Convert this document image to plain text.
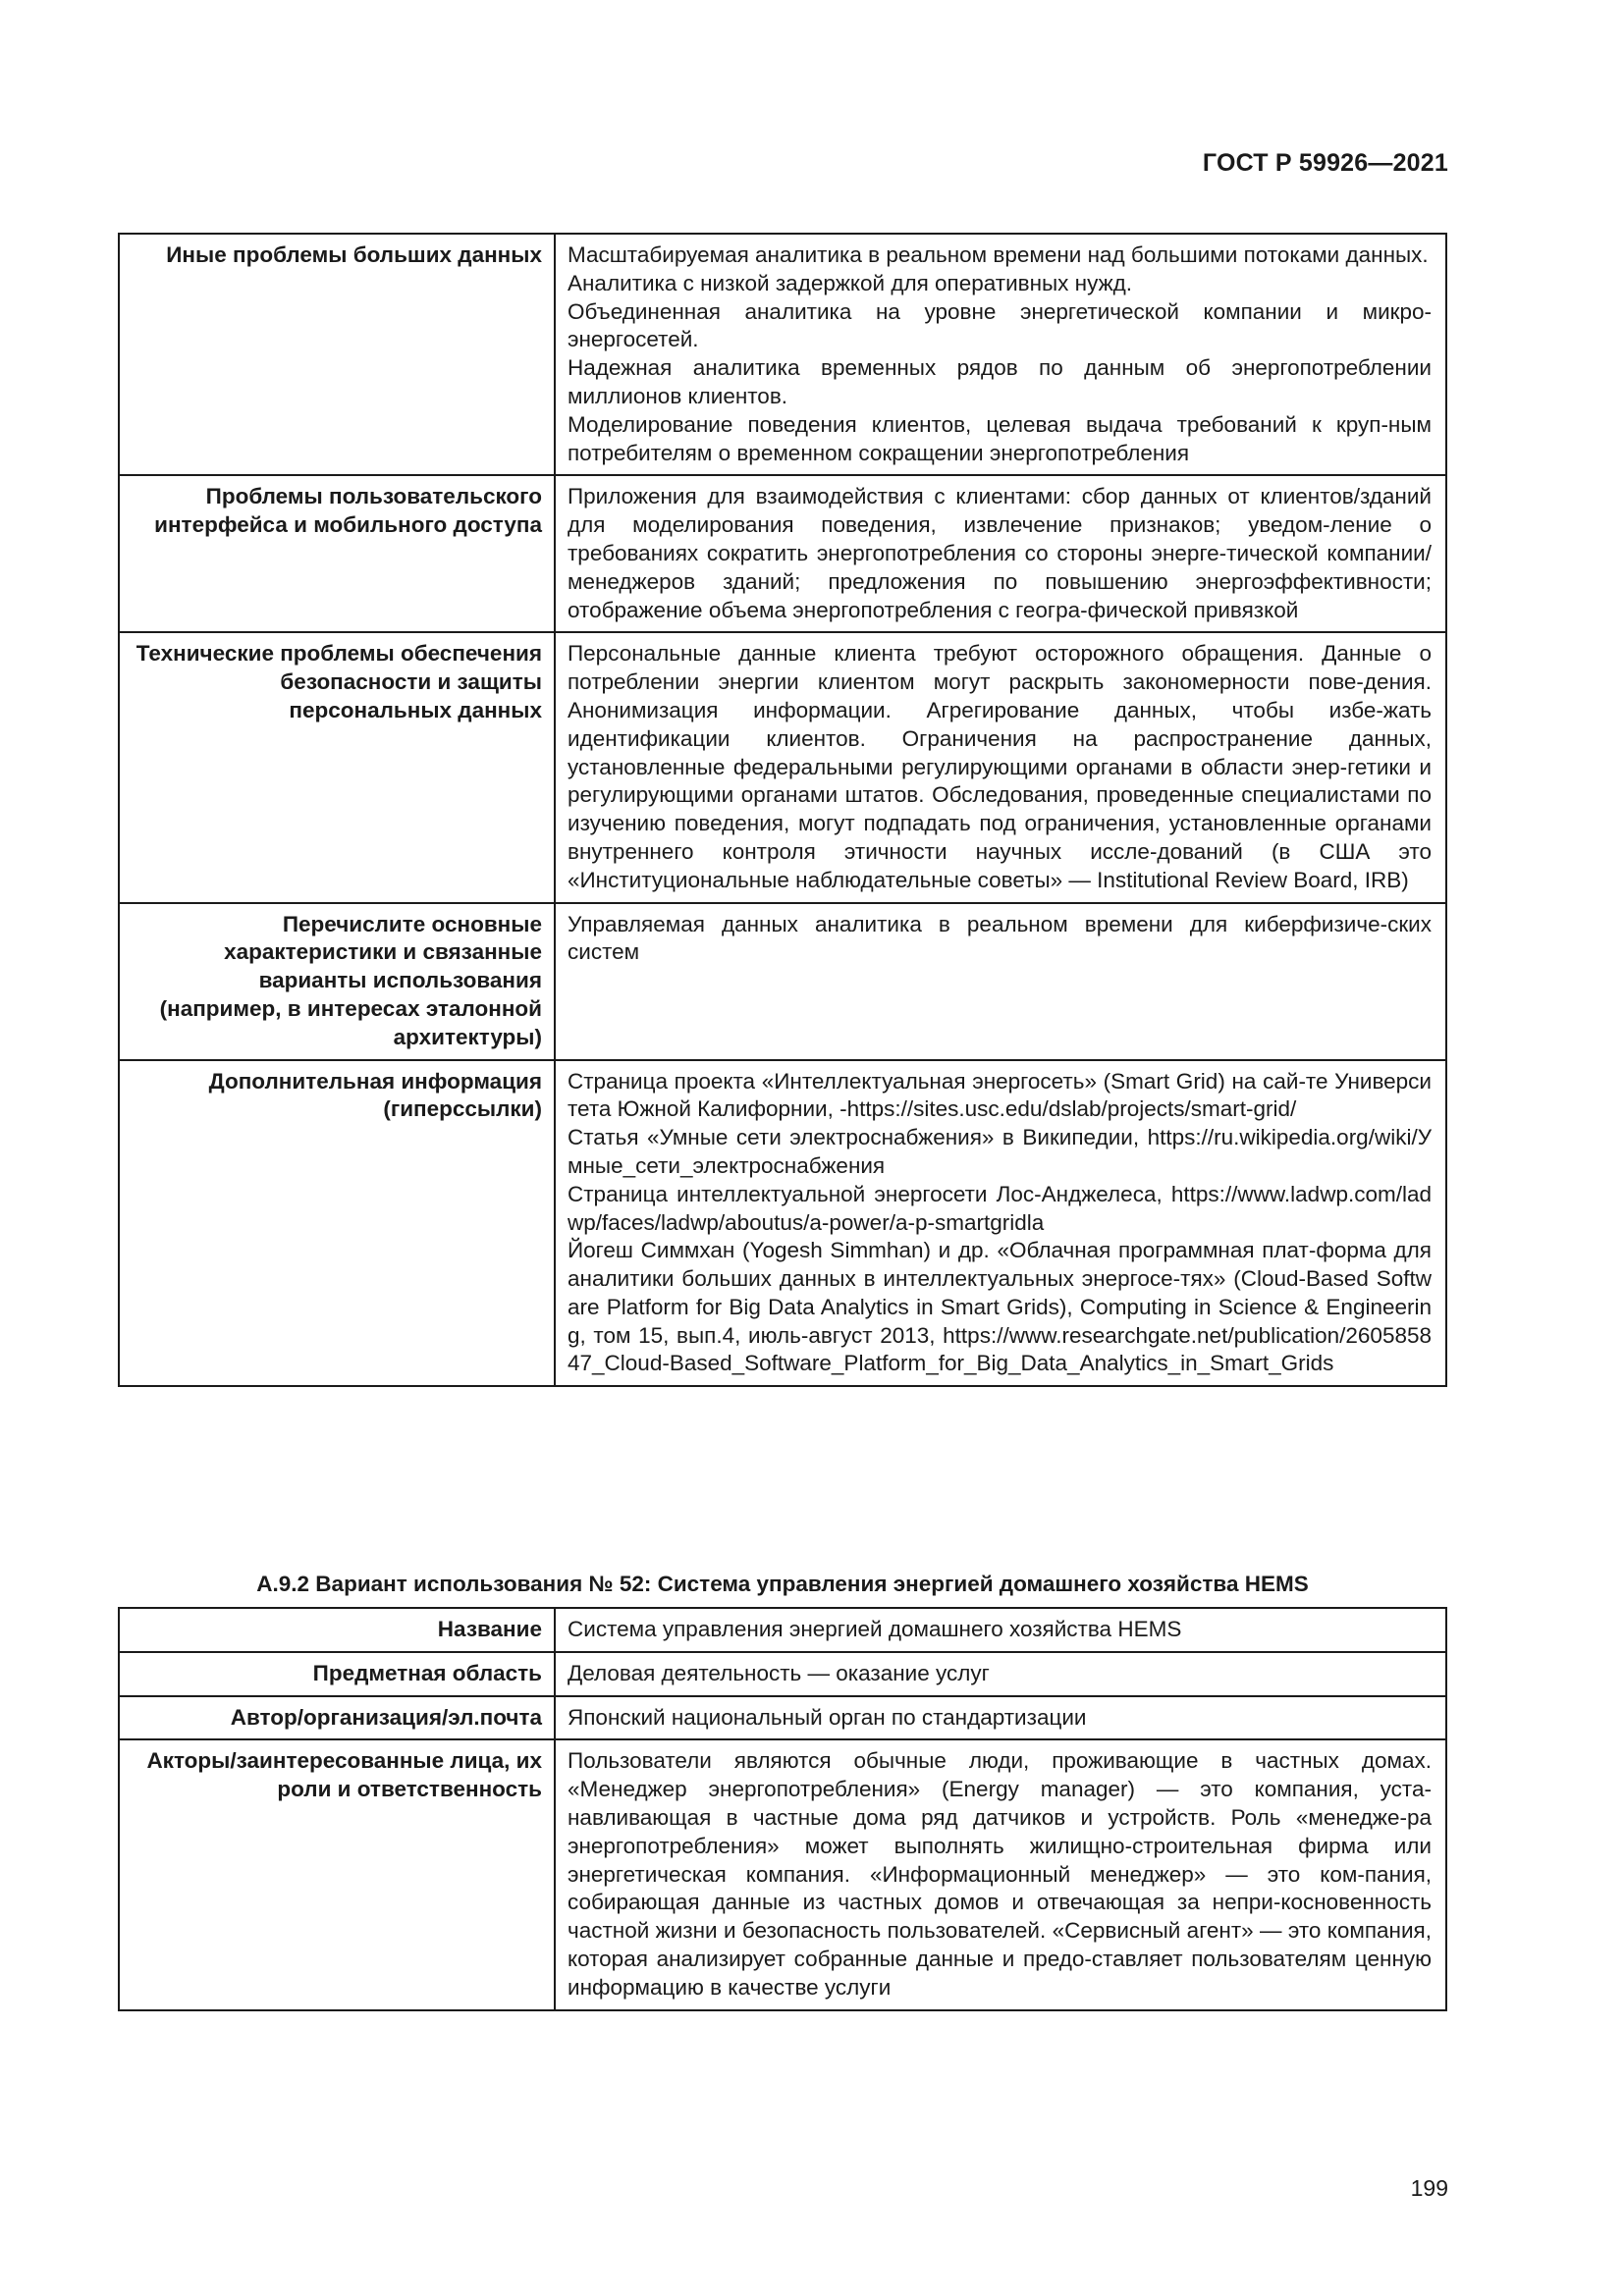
ГОСТ Р 59926—2021
Иные проблемы больших данных	Масштабируемая аналитика в реальном времени над большими потоками данных.
Аналитика с низкой задержкой для оперативных нужд.
Объединенная аналитика на уровне энергетической компании и микро-энергосетей.
Надежная аналитика временных рядов по данным об энергопотреблении миллионов клиентов.
Моделирование поведения клиентов, целевая выдача требований к круп-ным потребителям о временном сокращении энергопотребления

Проблемы пользовательского интерфейса и мобильного доступа	Приложения для взаимодействия с клиентами: сбор данных от клиентов/зданий для моделирования поведения, извлечение признаков; уведом-ление о требованиях сократить энергопотребления со стороны энерге-тической компании/менеджеров зданий; предложения по повышению энергоэффективности; отображение объема энергопотребления с геогра-фической привязкой

Технические проблемы обеспечения безопасности и защиты персональных данных	Персональные данные клиента требуют осторожного обращения. Данные о потреблении энергии клиентом могут раскрыть закономерности пове-дения. Анонимизация информации. Агрегирование данных, чтобы избе-жать идентификации клиентов. Ограничения на распространение данных, установленные федеральными регулирующими органами в области энер-гетики и регулирующими органами штатов. Обследования, проведенные специалистами по изучению поведения, могут подпадать под ограничения, установленные органами внутреннего контроля этичности научных иссле-дований (в США это «Институциональные наблюдательные советы» — Institutional Review Board, IRB)

Перечислите основные характеристики и связанные варианты использования (например, в интересах эталонной архитектуры)	Управляемая данных аналитика в реальном времени для киберфизиче-ских систем

Дополнительная информация (гиперссылки)	Страница проекта «Интеллектуальная энергосеть» (Smart Grid) на сай-те Университета Южной Калифорнии, -https://sites.usc.edu/dslab/projects/smart-grid/
Статья «Умные сети электроснабжения» в Википедии, https://ru.wikipedia.org/wiki/Умные_сети_электроснабжения
Страница интеллектуальной энергосети Лос-Анджелеса, https://www.ladwp.com/ladwp/faces/ladwp/aboutus/a-power/a-p-smartgridla
Йогеш Симмхан (Yogesh Simmhan) и др. «Облачная программная плат-форма для аналитики больших данных в интеллектуальных энергосе-тях» (Cloud-Based Software Platform for Big Data Analytics in Smart Grids), Computing in Science & Engineering, том 15, вып.4, июль-август 2013, https://www.researchgate.net/publication/260585847_Cloud-Based_Software_Platform_for_Big_Data_Analytics_in_Smart_Grids
А.9.2 Вариант использования № 52: Система управления энергией домашнего хозяйства HEMS
Название	Система управления энергией домашнего хозяйства HEMS
Предметная область	Деловая деятельность — оказание услуг
Автор/организация/эл.почта	Японский национальный орган по стандартизации
Акторы/заинтересованные лица, их роли и ответственность	Пользователи являются обычные люди, проживающие в частных домах. «Менеджер энергопотребления» (Energy manager) — это компания, уста-навливающая в частные дома ряд датчиков и устройств. Роль «менедже-ра энергопотребления» может выполнять жилищно-строительная фирма или энергетическая компания. «Информационный менеджер» — это ком-пания, собирающая данные из частных домов и отвечающая за непри-косновенность частной жизни и безопасность пользователей. «Сервисный агент» — это компания, которая анализирует собранные данные и предо-ставляет пользователям ценную информацию в качестве услуги
199
